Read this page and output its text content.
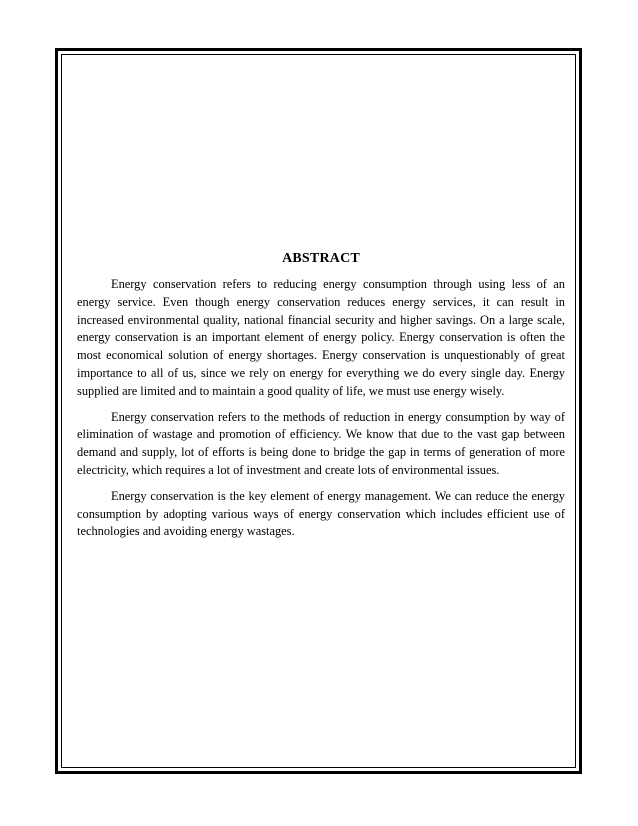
ABSTRACT

Energy conservation refers to reducing energy consumption through using less of an energy service. Even though energy conservation reduces energy services, it can result in increased environmental quality, national financial security and higher savings. On a large scale, energy conservation is an important element of energy policy. Energy conservation is often the most economical solution of energy shortages. Energy conservation is unquestionably of great importance to all of us, since we rely on energy for everything we do every single day. Energy supplied are limited and to maintain a good quality of life, we must use energy wisely.

Energy conservation refers to the methods of reduction in energy consumption by way of elimination of wastage and promotion of efficiency. We know that due to the vast gap between demand and supply, lot of efforts is being done to bridge the gap in terms of generation of more electricity, which requires a lot of investment and create lots of environmental issues.

Energy conservation is the key element of energy management. We can reduce the energy consumption by adopting various ways of energy conservation which includes efficient use of technologies and avoiding energy wastages.
